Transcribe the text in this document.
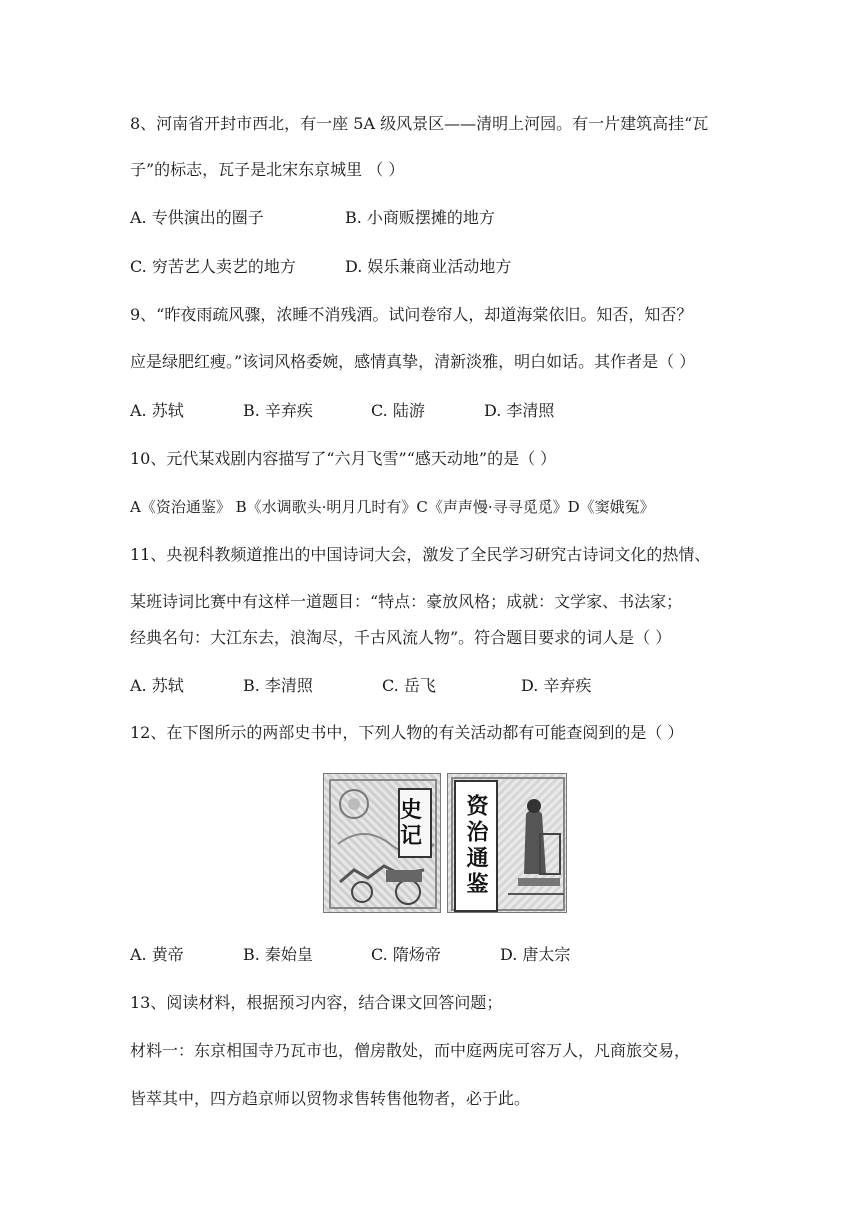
8、河南省开封市西北，有一座 5A 级风景区——清明上河园。有一片建筑高挂“瓦
子”的标志，瓦子是北宋东京城里 （ ）
A. 专供演出的圈子	B. 小商贩摆摊的地方
C. 穷苦艺人卖艺的地方	D. 娱乐兼商业活动地方
9、“昨夜雨疏风骤，浓睡不消残酒。试问卷帘人，却道海棠依旧。知否，知否？
应是绿肥红瘦。”该词风格委婉，感情真挚，清新淡雅，明白如话。其作者是（ ）
A. 苏轼	B. 辛弃疾	C. 陆游	D. 李清照
10、元代某戏剧内容描写了“六月飞雪”“感天动地”的是（ ）
A《资治通鉴》 B《水调歌头·明月几时有》C《声声慢·寻寻觅觅》D《窦娥冤》
11、央视科教频道推出的中国诗词大会，激发了全民学习研究古诗词文化的热情、
某班诗词比赛中有这样一道题目：“特点：豪放风格；成就：文学家、书法家；
经典名句：大江东去，浪淘尽，千古风流人物”。符合题目要求的词人是（ ）
A. 苏轼	B. 李清照	C. 岳飞	D. 辛弃疾
12、在下图所示的两部史书中，下列人物的有关活动都有可能查阅到的是（ ）
史记	资治通鉴
A. 黄帝	B. 秦始皇	C. 隋炀帝	D. 唐太宗
13、阅读材料，根据预习内容，结合课文回答问题；
材料一：东京相国寺乃瓦市也，僧房散处，而中庭两庑可容万人，凡商旅交易，
皆萃其中，四方趋京师以贸物求售转售他物者，必于此。
